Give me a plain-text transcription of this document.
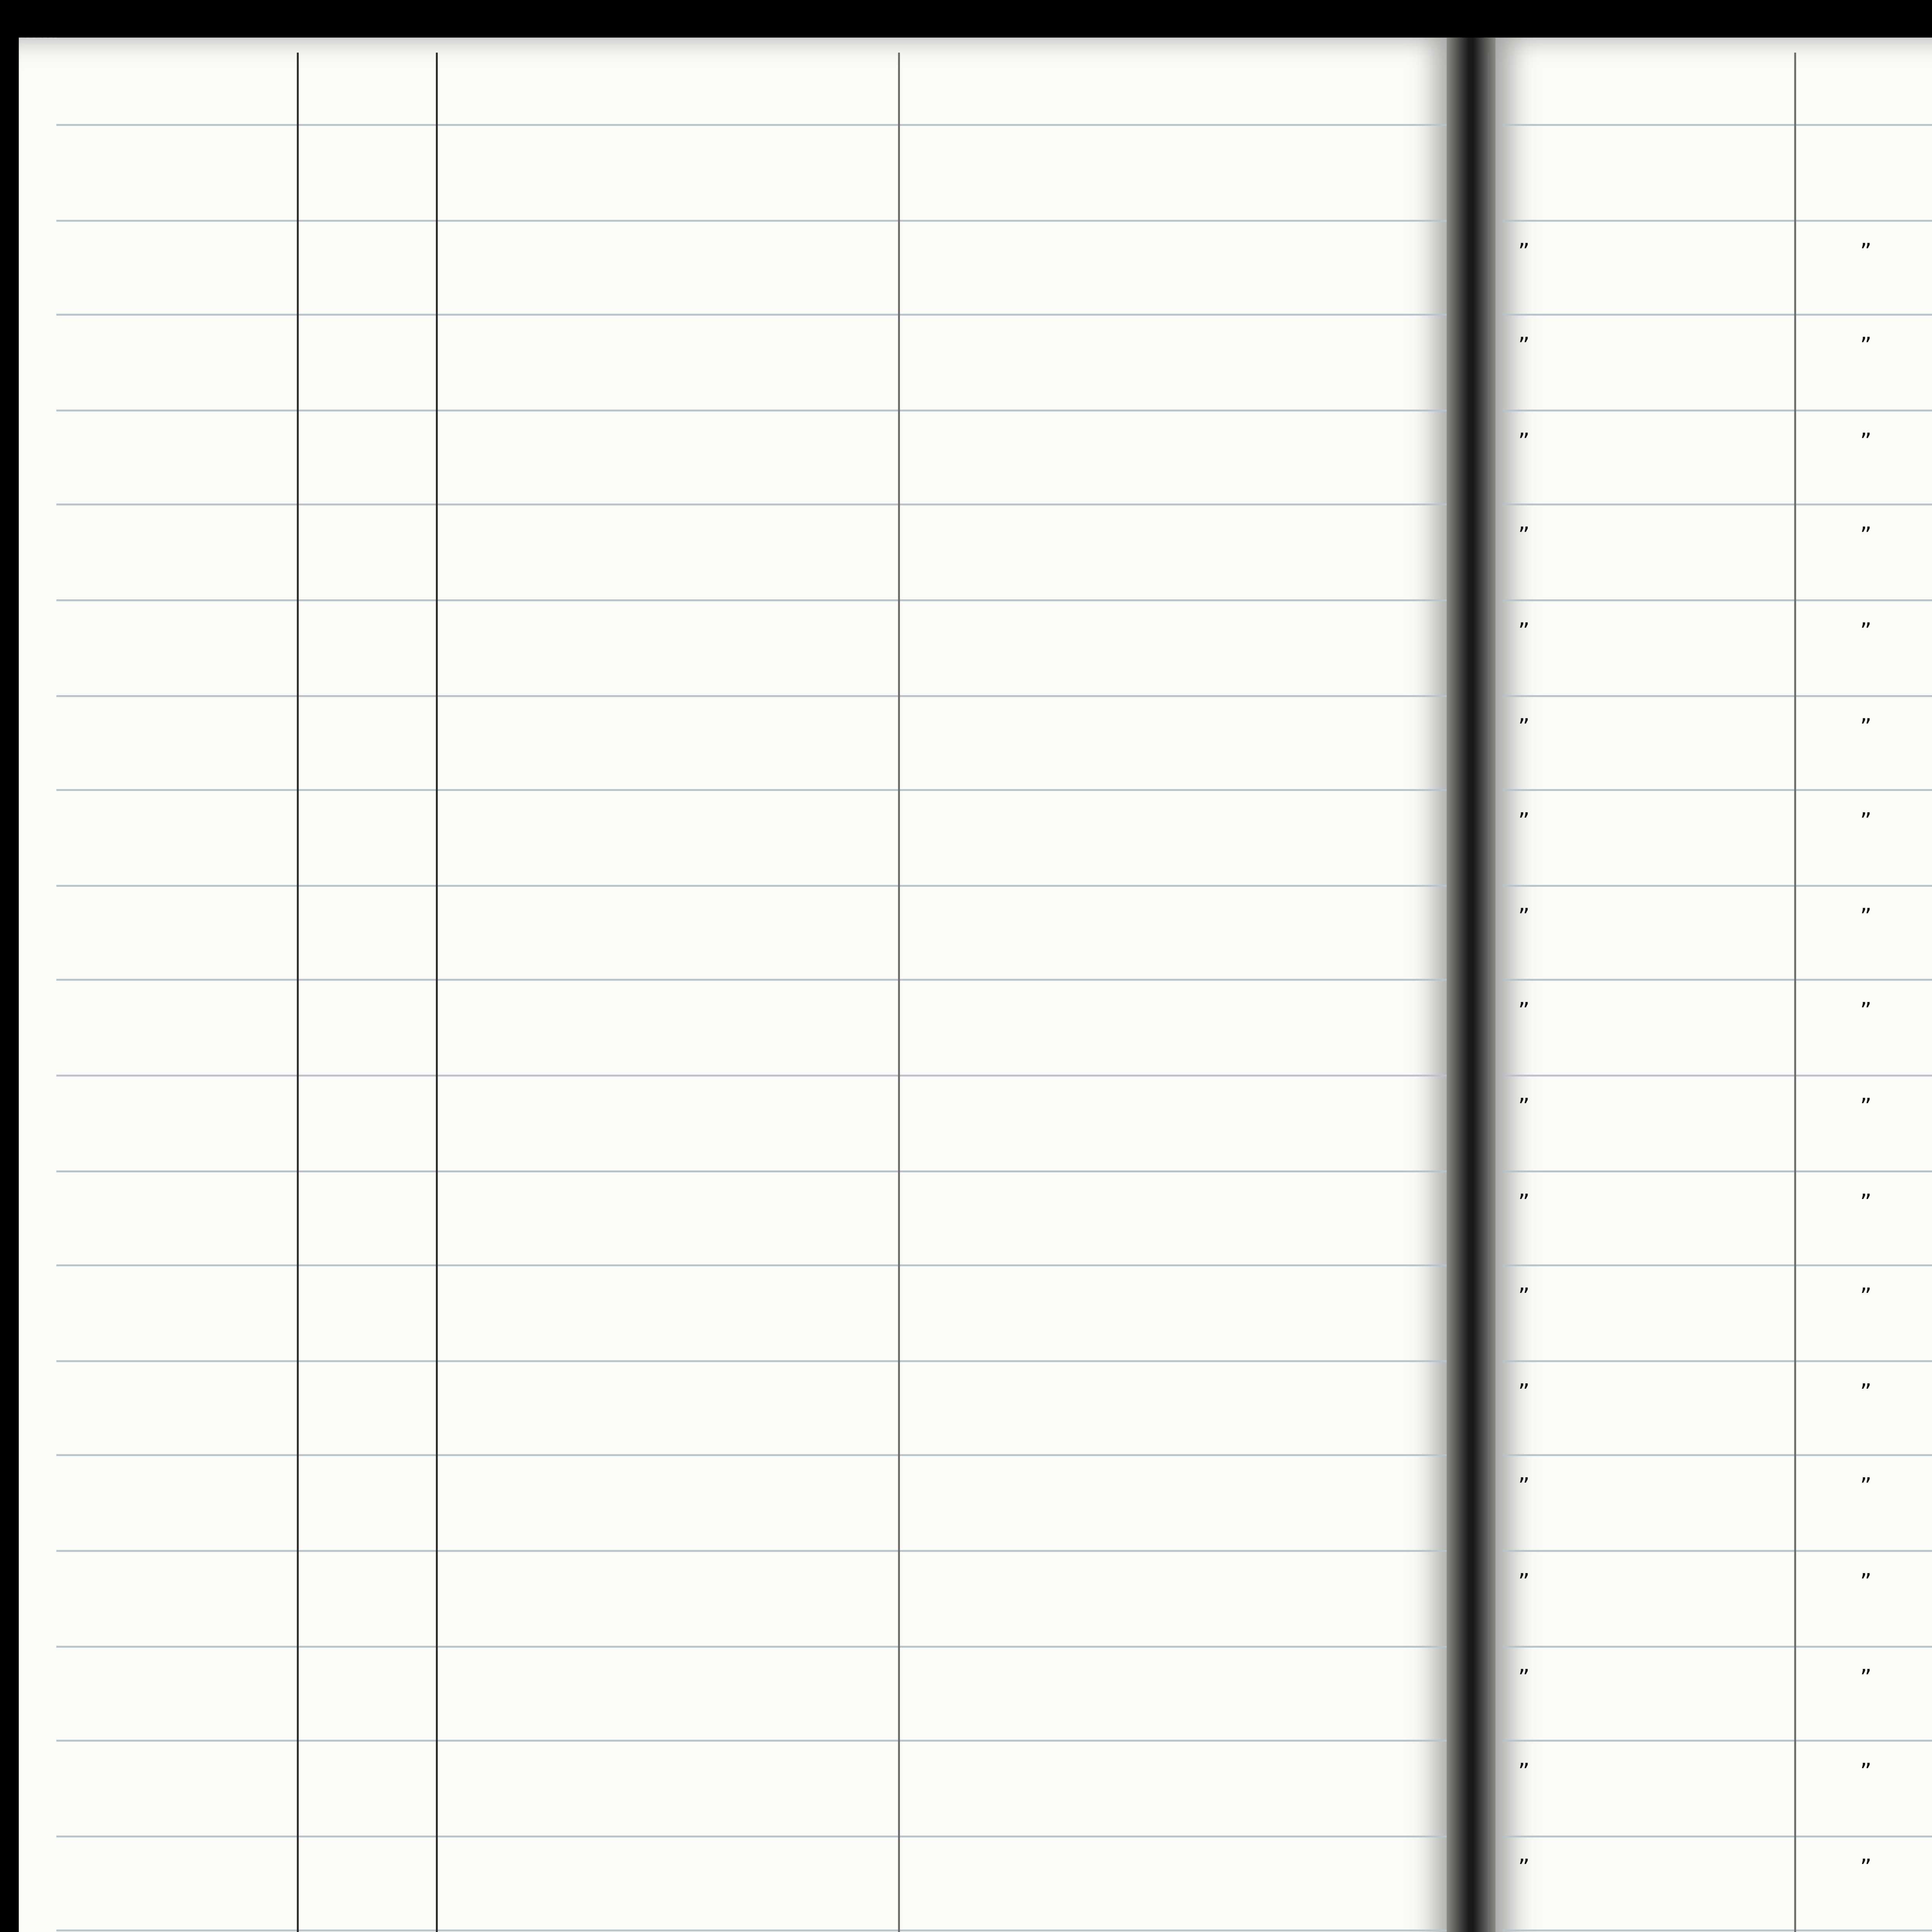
”	”
”	”
”	”
”	”
”	”
”	”
”	”
”	”
”	”
”	”
”	”
”	”
”	”
”	”
”	”
”	”
”	”
”	”
